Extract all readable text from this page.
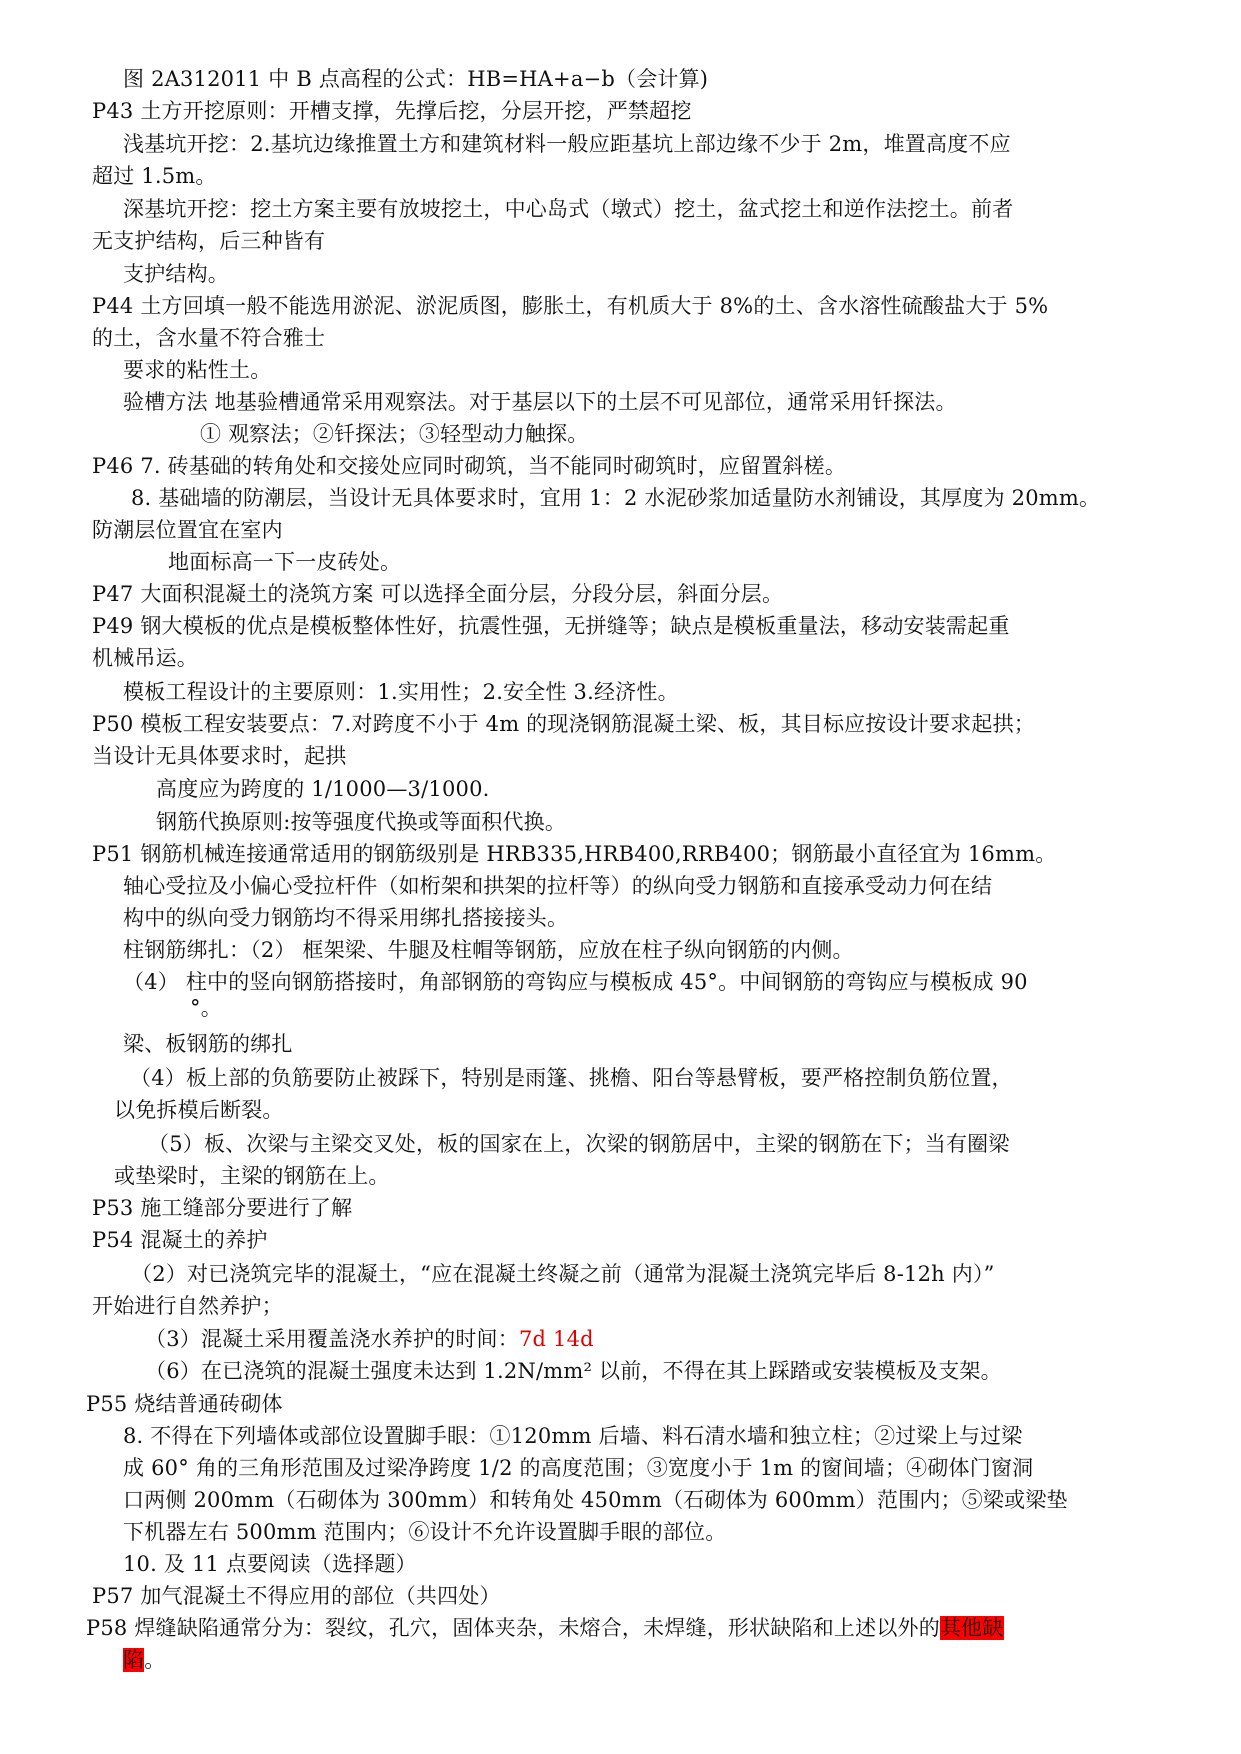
图 2A312011 中 B 点高程的公式：HB=HA+a−b（会计算)
P43 土方开挖原则：开槽支撑，先撑后挖，分层开挖，严禁超挖
浅基坑开挖：2.基坑边缘推置土方和建筑材料一般应距基坑上部边缘不少于 2m，堆置高度不应
超过 1.5m。
深基坑开挖：挖土方案主要有放坡挖土，中心岛式（墩式）挖土，盆式挖土和逆作法挖土。前者
无支护结构，后三种皆有
支护结构。
P44 土方回填一般不能选用淤泥、淤泥质图，膨胀土，有机质大于 8%的土、含水溶性硫酸盐大于 5%
的土，含水量不符合雅士
要求的粘性土。
验槽方法 地基验槽通常采用观察法。对于基层以下的土层不可见部位，通常采用钎探法。
① 观察法；②钎探法；③轻型动力触探。
P46 7. 砖基础的转角处和交接处应同时砌筑，当不能同时砌筑时，应留置斜槎。
8. 基础墙的防潮层，当设计无具体要求时，宜用 1：2 水泥砂浆加适量防水剂铺设，其厚度为 20mm。
防潮层位置宜在室内
地面标高一下一皮砖处。
P47 大面积混凝土的浇筑方案 可以选择全面分层，分段分层，斜面分层。
P49 钢大模板的优点是模板整体性好，抗震性强，无拼缝等；缺点是模板重量法，移动安装需起重
机械吊运。
模板工程设计的主要原则：1.实用性；2.安全性 3.经济性。
P50 模板工程安装要点：7.对跨度不小于 4m 的现浇钢筋混凝土梁、板，其目标应按设计要求起拱；
当设计无具体要求时，起拱
高度应为跨度的 1/1000—3/1000.
钢筋代换原则:按等强度代换或等面积代换。
P51 钢筋机械连接通常适用的钢筋级别是 HRB335,HRB400,RRB400；钢筋最小直径宜为 16mm。
轴心受拉及小偏心受拉杆件（如桁架和拱架的拉杆等）的纵向受力钢筋和直接承受动力何在结
构中的纵向受力钢筋均不得采用绑扎搭接接头。
柱钢筋绑扎：（2） 框架梁、牛腿及柱帽等钢筋，应放在柱子纵向钢筋的内侧。
（4） 柱中的竖向钢筋搭接时，角部钢筋的弯钩应与模板成 45°。中间钢筋的弯钩应与模板成 90
°。
梁、板钢筋的绑扎
（4）板上部的负筋要防止被踩下，特别是雨篷、挑檐、阳台等悬臂板，要严格控制负筋位置，
以免拆模后断裂。
（5）板、次梁与主梁交叉处，板的国家在上，次梁的钢筋居中，主梁的钢筋在下；当有圈梁
或垫梁时，主梁的钢筋在上。
P53 施工缝部分要进行了解
P54 混凝土的养护
（2）对已浇筑完毕的混凝土，“应在混凝土终凝之前（通常为混凝土浇筑完毕后 8-12h 内）”
开始进行自然养护；
（3）混凝土采用覆盖浇水养护的时间：7d 14d
（6）在已浇筑的混凝土强度未达到 1.2N/mm² 以前，不得在其上踩踏或安装模板及支架。
P55 烧结普通砖砌体
8. 不得在下列墙体或部位设置脚手眼：①120mm 后墙、料石清水墙和独立柱；②过梁上与过梁
成 60° 角的三角形范围及过梁净跨度 1/2 的高度范围；③宽度小于 1m 的窗间墙；④砌体门窗洞
口两侧 200mm（石砌体为 300mm）和转角处 450mm（石砌体为 600mm）范围内；⑤梁或梁垫
下机器左右 500mm 范围内；⑥设计不允许设置脚手眼的部位。
10. 及 11 点要阅读（选择题）
P57 加气混凝土不得应用的部位（共四处）
P58 焊缝缺陷通常分为：裂纹，孔穴，固体夹杂，未熔合，未焊缝，形状缺陷和上述以外的其他缺
陷。
